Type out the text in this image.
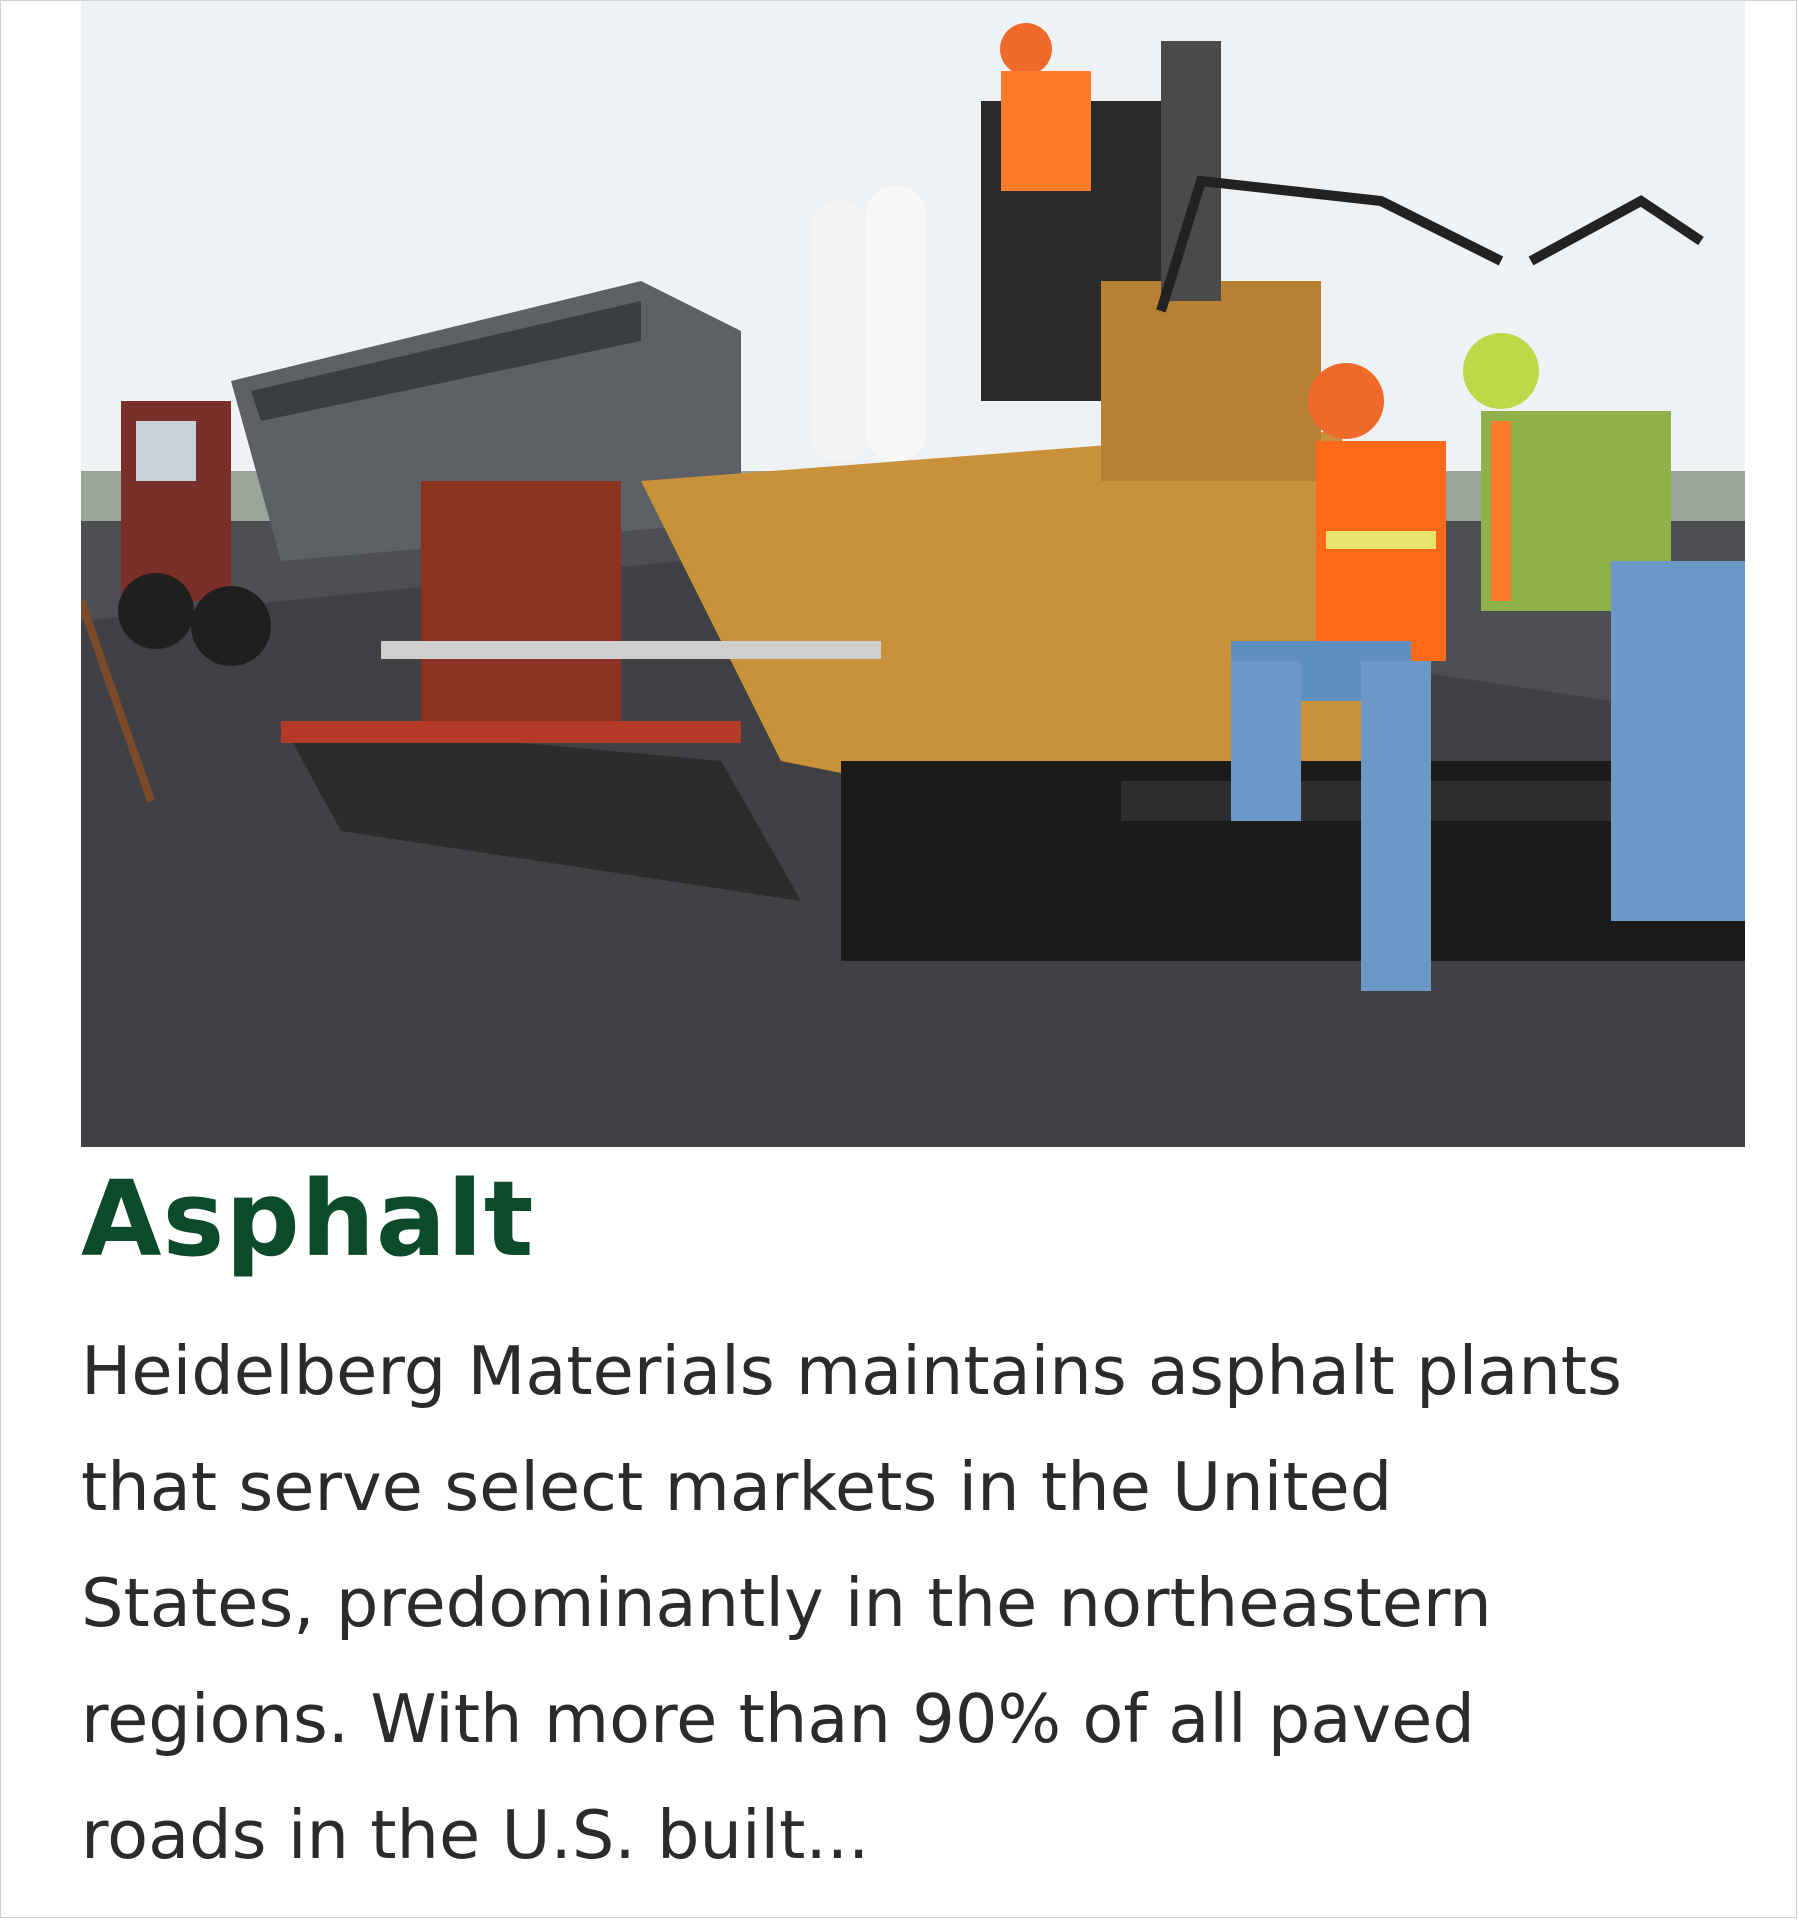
Asphalt

Heidelberg Materials maintains asphalt plants that serve select markets in the United States, predominantly in the northeastern regions. With more than 90% of all paved roads in the U.S. built...
